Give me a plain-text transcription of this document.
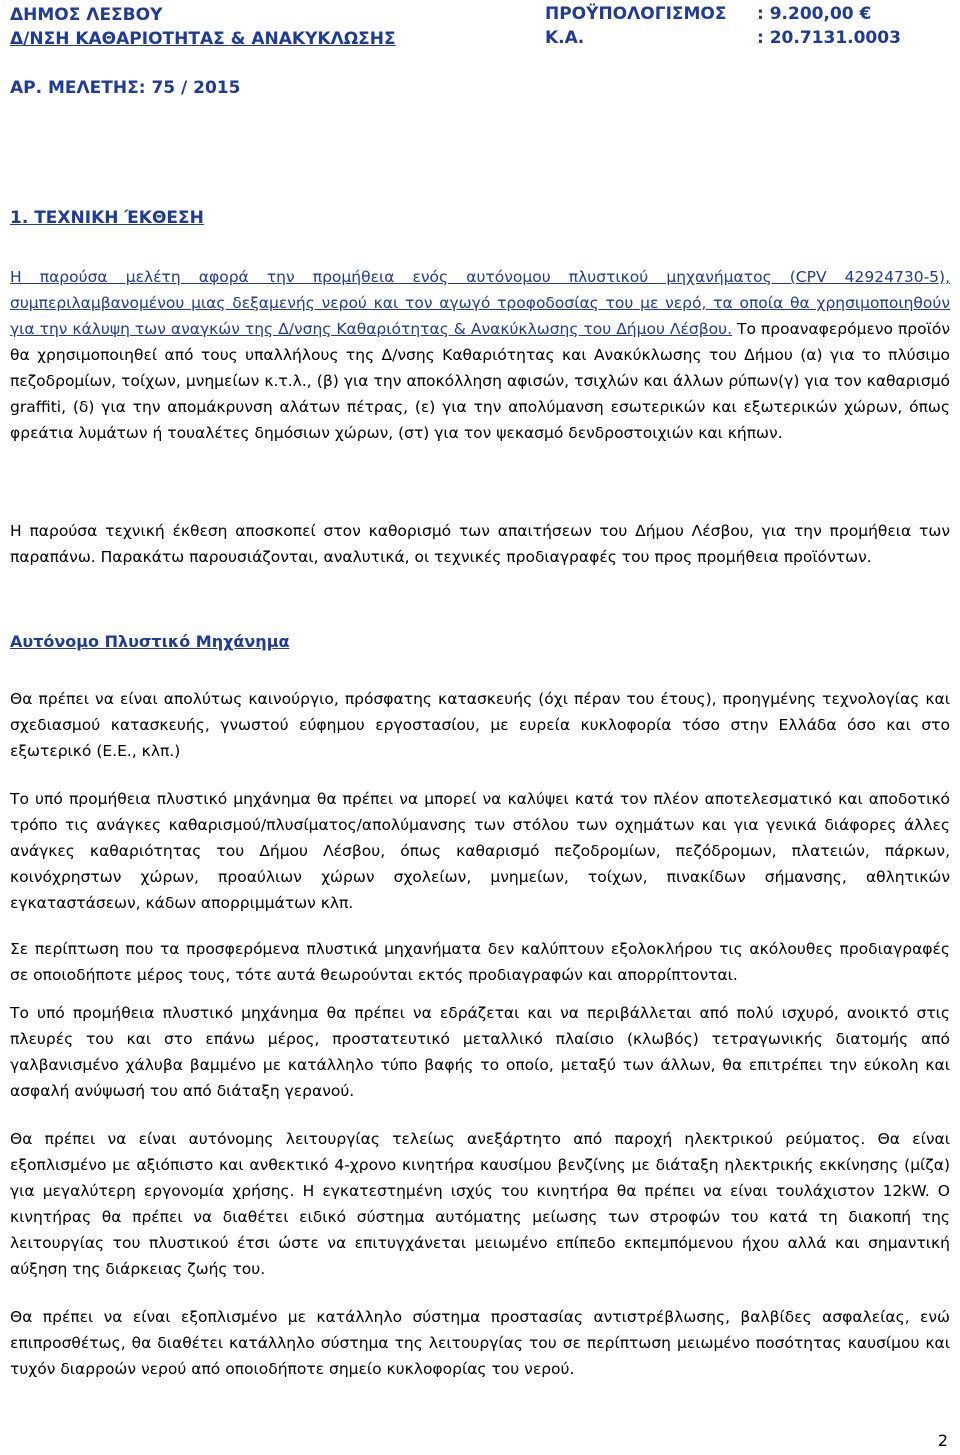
ΔΗΜΟΣ ΛΕΣΒΟΥ
Δ/ΝΣΗ ΚΑΘΑΡΙΟΤΗΤΑΣ & ΑΝΑΚΥΚΛΩΣΗΣ
ΠΡΟΫΠΟΛΟΓΙΣΜΟΣ : 9.200,00 €
Κ.Α.	: 20.7131.0003
ΑΡ. ΜΕΛΕΤΗΣ: 75 / 2015
1. ΤΕΧΝΙΚΗ ΈΚΘΕΣΗ

Η παρούσα μελέτη αφορά την προμήθεια ενός αυτόνομου πλυστικού μηχανήματος (CPV 42924730-5), συμπεριλαμβανομένου μιας δεξαμενής νερού και τον αγωγό τροφοδοσίας του με νερό, τα οποία θα χρησιμοποιηθούν για την κάλυψη των αναγκών της Δ/νσης Καθαριότητας & Ανακύκλωσης του Δήμου Λέσβου. Το προαναφερόμενο προϊόν θα χρησιμοποιηθεί από τους υπαλλήλους της Δ/νσης Καθαριότητας και Ανακύκλωσης του Δήμου (α) για το πλύσιμο πεζοδρομίων, τοίχων, μνημείων κ.τ.λ., (β) για την αποκόλληση αφισών, τσιχλών και άλλων ρύπων(γ) για τον καθαρισμό graffiti, (δ) για την απομάκρυνση αλάτων πέτρας, (ε) για την απολύμανση εσωτερικών και εξωτερικών χώρων, όπως φρεάτια λυμάτων ή τουαλέτες δημόσιων χώρων, (στ) για τον ψεκασμό δενδροστοιχιών και κήπων.

Η παρούσα τεχνική έκθεση αποσκοπεί στον καθορισμό των απαιτήσεων του Δήμου Λέσβου, για την προμήθεια των παραπάνω. Παρακάτω παρουσιάζονται, αναλυτικά, οι τεχνικές προδιαγραφές του προς προμήθεια προϊόντων.

Αυτόνομο Πλυστικό Μηχάνημα

Θα πρέπει να είναι απολύτως καινούργιο, πρόσφατης κατασκευής (όχι πέραν του έτους), προηγμένης τεχνολογίας και σχεδιασμού κατασκευής, γνωστού εύφημου εργοστασίου, με ευρεία κυκλοφορία τόσο στην Ελλάδα όσο και στο εξωτερικό (Ε.Ε., κλπ.)

Το υπό προμήθεια πλυστικό μηχάνημα θα πρέπει να μπορεί να καλύψει κατά τον πλέον αποτελεσματικό και αποδοτικό τρόπο τις ανάγκες καθαρισμού/πλυσίματος/απολύμανσης των στόλου των οχημάτων και για γενικά διάφορες άλλες ανάγκες καθαριότητας του Δήμου Λέσβου, όπως καθαρισμό πεζοδρομίων, πεζόδρομων, πλατειών, πάρκων, κοινόχρηστων χώρων, προαύλιων χώρων σχολείων, μνημείων, τοίχων, πινακίδων σήμανσης, αθλητικών εγκαταστάσεων, κάδων απορριμμάτων κλπ.

Σε περίπτωση που τα προσφερόμενα πλυστικά μηχανήματα δεν καλύπτουν εξολοκλήρου τις ακόλουθες προδιαγραφές σε οποιοδήποτε μέρος τους, τότε αυτά θεωρούνται εκτός προδιαγραφών και απορρίπτονται.

Το υπό προμήθεια πλυστικό μηχάνημα θα πρέπει να εδράζεται και να περιβάλλεται από πολύ ισχυρό, ανοικτό στις πλευρές του και στο επάνω μέρος, προστατευτικό μεταλλικό πλαίσιο (κλωβός) τετραγωνικής διατομής από γαλβανισμένο χάλυβα βαμμένο με κατάλληλο τύπο βαφής το οποίο, μεταξύ των άλλων, θα επιτρέπει την εύκολη και ασφαλή ανύψωσή του από διάταξη γερανού.

Θα πρέπει να είναι αυτόνομης λειτουργίας τελείως ανεξάρτητο από παροχή ηλεκτρικού ρεύματος. Θα είναι εξοπλισμένο με αξιόπιστο και ανθεκτικό 4-χρονο κινητήρα καυσίμου βενζίνης με διάταξη ηλεκτρικής εκκίνησης (μίζα) για μεγαλύτερη εργονομία χρήσης. Η εγκατεστημένη ισχύς του κινητήρα θα πρέπει να είναι τουλάχιστον 12kW. Ο κινητήρας θα πρέπει να διαθέτει ειδικό σύστημα αυτόματης μείωσης των στροφών του κατά τη διακοπή της λειτουργίας του πλυστικού έτσι ώστε να επιτυγχάνεται μειωμένο επίπεδο εκπεμπόμενου ήχου αλλά και σημαντική αύξηση της διάρκειας ζωής του.

Θα πρέπει να είναι εξοπλισμένο με κατάλληλο σύστημα προστασίας αντιστρέβλωσης, βαλβίδες ασφαλείας, ενώ επιπροσθέτως, θα διαθέτει κατάλληλο σύστημα της λειτουργίας του σε περίπτωση μειωμένο ποσότητας καυσίμου και τυχόν διαρροών νερού από οποιοδήποτε σημείο κυκλοφορίας του νερού.

2
